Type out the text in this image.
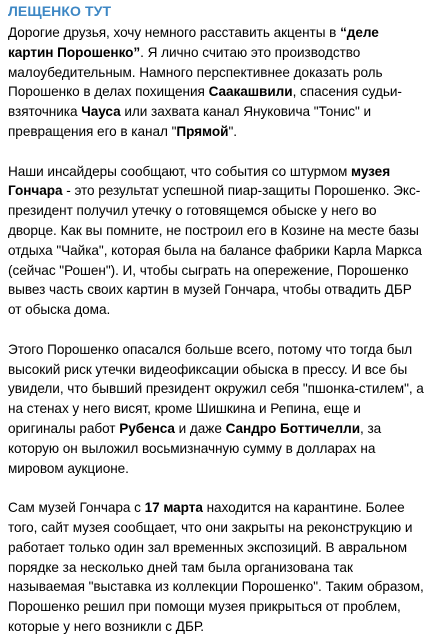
ЛЕЩЕНКО ТУТ

Дорогие друзья, хочу немного расставить акценты в “деле картин Порошенко”. Я лично считаю это производство малоубедительным. Намного перспективнее доказать роль Порошенко в делах похищения Саакашвили, спасения судьи-взяточника Чауса или захвата канал Януковича "Тонис" и превращения его в канал "Прямой".

Наши инсайдеры сообщают, что события со штурмом музея Гончара - это результат успешной пиар-защиты Порошенко. Экс-президент получил утечку о готовящемся обыске у него во дворце. Как вы помните, не построил его в Козине на месте базы отдыха "Чайка", которая была на балансе фабрики Карла Маркса (сейчас "Рошен"). И, чтобы сыграть на опережение, Порошенко вывез часть своих картин в музей Гончара, чтобы отвадить ДБР от обыска дома.

Этого Порошенко опасался больше всего, потому что тогда был высокий риск утечки видеофиксации обыска в прессу. И все бы увидели, что бывший президент окружил себя "пшонка-стилем", а на стенах у него висят, кроме Шишкина и Репина, еще и оригиналы работ Рубенса и даже Сандро Боттичелли, за которую он выложил восьмизначную сумму в долларах на мировом аукционе.

Сам музей Гончара с 17 марта находится на карантине. Более того, сайт музея сообщает, что они закрыты на реконструкцию и работает только один зал временных экспозиций. В авральном порядке за несколько дней там была организована так называемая "выставка из коллекции Порошенко". Таким образом, Порошенко решил при помощи музея прикрыться от проблем, которые у него возникли с ДБР.
